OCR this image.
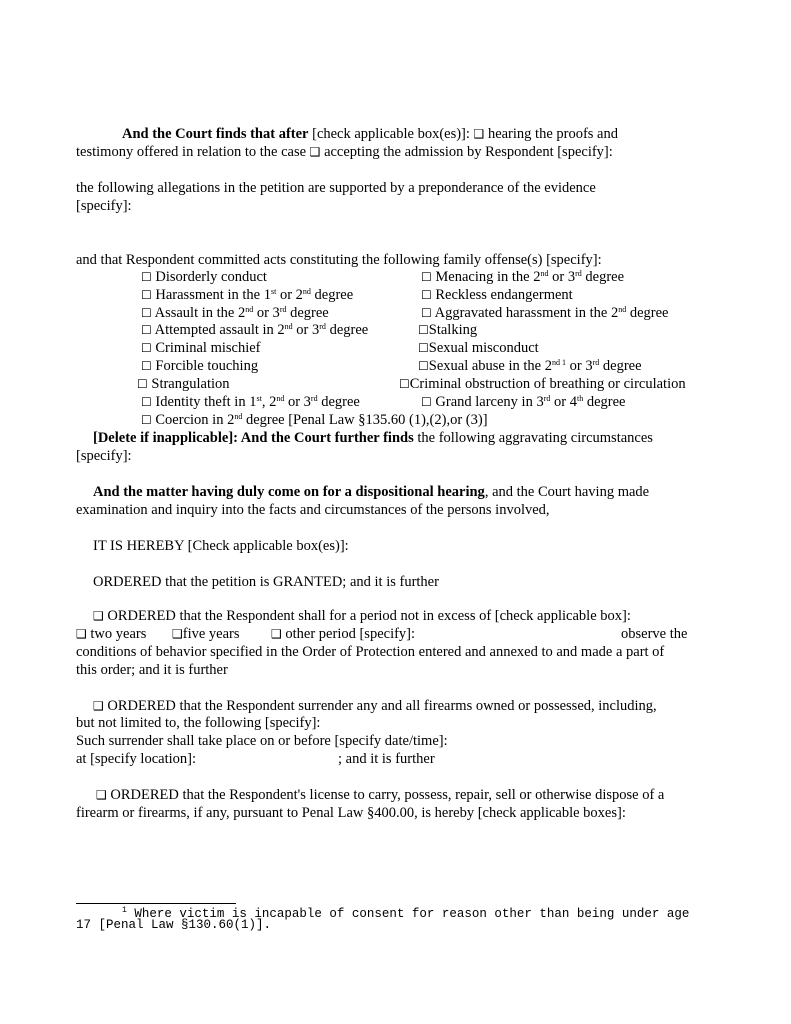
And the Court finds that after [check applicable box(es)]: ❑ hearing the proofs and
testimony offered in relation to the case ❑ accepting the admission by Respondent [specify]:
the following allegations in the petition are supported by a preponderance of the evidence
[specify]:
and that Respondent committed acts constituting the following family offense(s) [specify]:
☐ Disorderly conduct	☐ Menacing in the 2nd or 3rd degree
☐ Harassment in the 1st or 2nd degree	☐ Reckless endangerment
☐ Assault in the 2nd or 3rd degree	☐ Aggravated harassment in the 2nd degree
☐ Attempted assault in 2nd or 3rd degree	☐Stalking
☐ Criminal mischief	☐Sexual misconduct
☐ Forcible touching	☐Sexual abuse in the $2^{nd 1}$ or 3rd degree
☐ Strangulation	☐Criminal obstruction of breathing or circulation
☐ Identity theft in 1st, 2nd or 3rd degree	☐ Grand larceny in 3rd or 4th degree
☐ Coercion in 2nd degree [Penal Law §135.60 (1),(2),or (3)]
[Delete if inapplicable]: And the Court further finds the following aggravating circumstances
[specify]:
And the matter having duly come on for a dispositional hearing, and the Court having made
examination and inquiry into the facts and circumstances of the persons involved,
IT IS HEREBY [Check applicable box(es)]:
ORDERED that the petition is GRANTED; and it is further
❑ ORDERED that the Respondent shall for a period not in excess of [check applicable box]:
❑ two years ❑five years	❑ other period [specify]:	observe the
conditions of behavior specified in the Order of Protection entered and annexed to and made a part of
this order; and it is further
❑ ORDERED that the Respondent surrender any and all firearms owned or possessed, including,
but not limited to, the following [specify]:
Such surrender shall take place on or before [specify date/time]:
at [specify location]:	; and it is further
❑ ORDERED that the Respondent's license to carry, possess, repair, sell or otherwise dispose of a
firearm or firearms, if any, pursuant to Penal Law §400.00, is hereby [check applicable boxes]:
$^1$ Where victim is incapable of consent for reason other than being under age
17 [Penal Law §130.60(1)].
